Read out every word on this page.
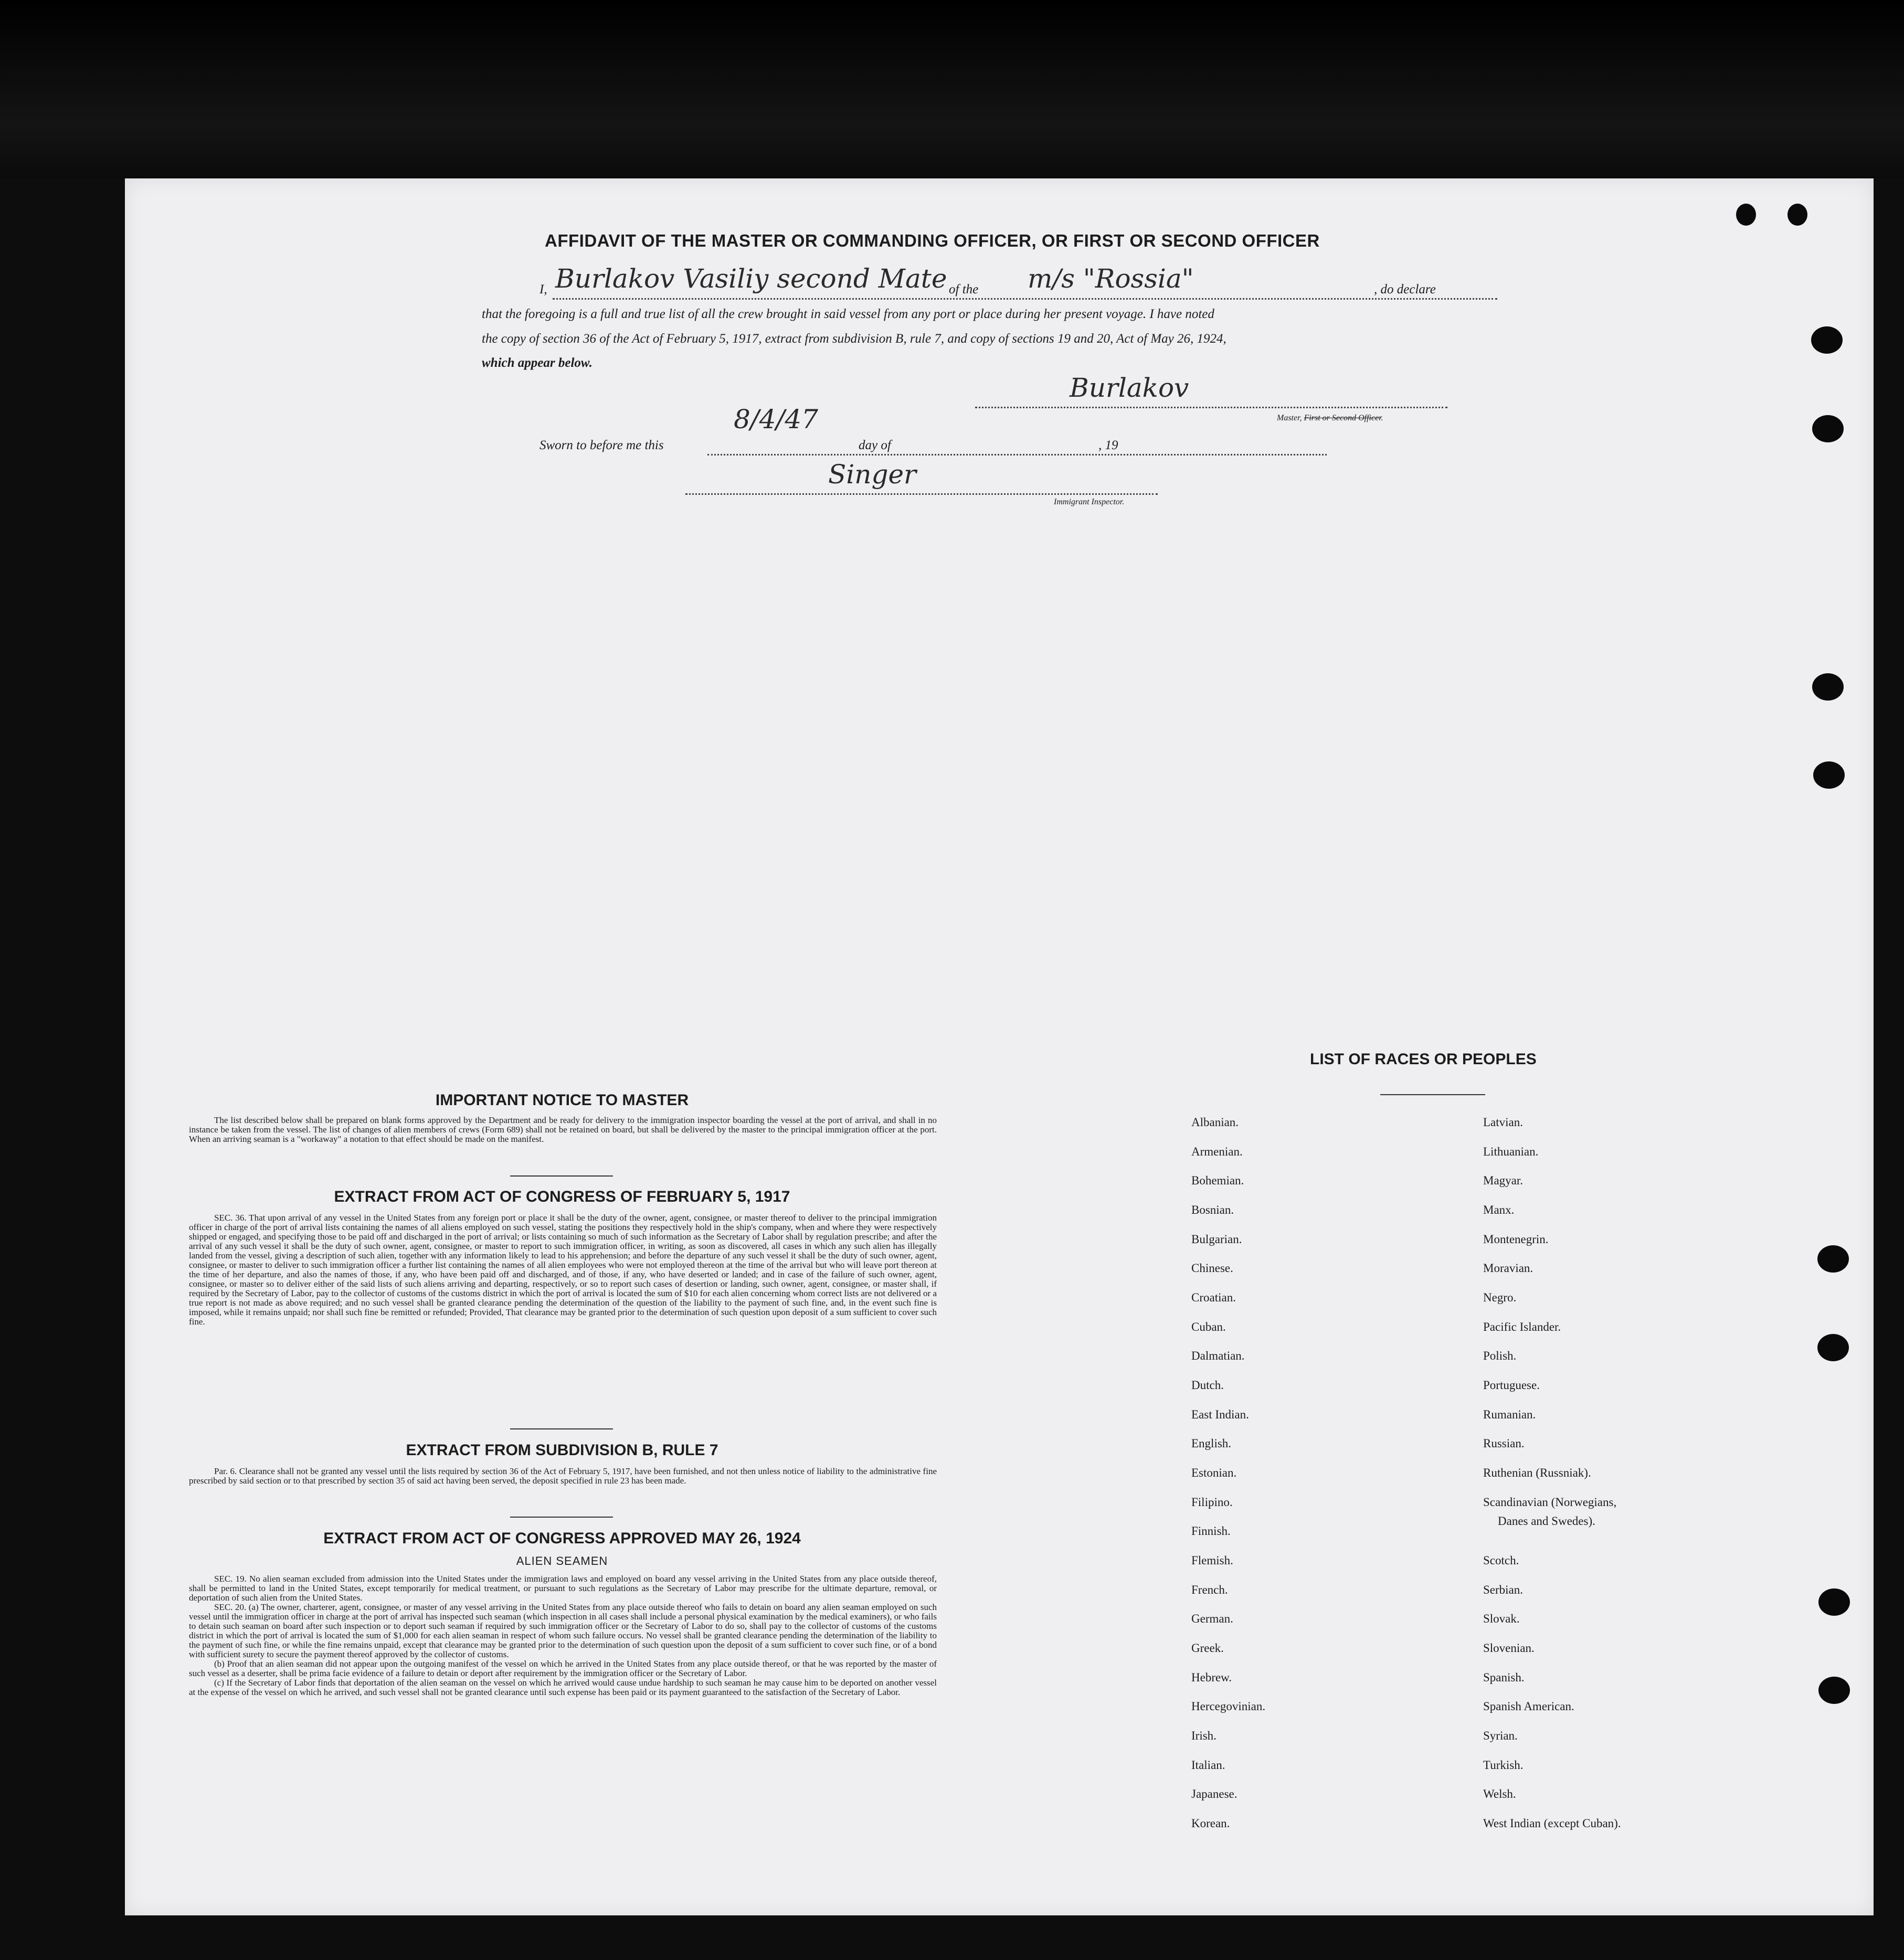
AFFIDAVIT OF THE MASTER OR COMMANDING OFFICER, OR FIRST OR SECOND OFFICER
I, Burlakov Vasiliy second Mate of the m/s "Rossia"	, do declare
that the foregoing is a full and true list of all the crew brought in said vessel from any port or place during her present voyage. I have noted
the copy of section 36 of the Act of February 5, 1917, extract from subdivision B, rule 7, and copy of sections 19 and 20, Act of May 26, 1924,
which appear below.
Burlakov
Master, First or Second Officer.
Sworn to before me this
8/4/47
day of	, 19
Singer
Immigrant Inspector.
IMPORTANT NOTICE TO MASTER

The list described below shall be prepared on blank forms approved by the Department and be ready for delivery to the immigration inspector boarding the vessel at the port of arrival, and shall in no instance be taken from the vessel. The list of changes of alien members of crews (Form 689) shall not be retained on board, but shall be delivered by the master to the principal immigration officer at the port. When an arriving seaman is a "workaway" a notation to that effect should be made on the manifest.

EXTRACT FROM ACT OF CONGRESS OF FEBRUARY 5, 1917

SEC. 36. That upon arrival of any vessel in the United States from any foreign port or place it shall be the duty of the owner, agent, consignee, or master thereof to deliver to the principal immigration officer in charge of the port of arrival lists containing the names of all aliens employed on such vessel, stating the positions they respectively hold in the ship's company, when and where they were respectively shipped or engaged, and specifying those to be paid off and discharged in the port of arrival; or lists containing so much of such information as the Secretary of Labor shall by regulation prescribe; and after the arrival of any such vessel it shall be the duty of such owner, agent, consignee, or master to report to such immigration officer, in writing, as soon as discovered, all cases in which any such alien has illegally landed from the vessel, giving a description of such alien, together with any information likely to lead to his apprehension; and before the departure of any such vessel it shall be the duty of such owner, agent, consignee, or master to deliver to such immigration officer a further list containing the names of all alien employees who were not employed thereon at the time of the arrival but who will leave port thereon at the time of her departure, and also the names of those, if any, who have been paid off and discharged, and of those, if any, who have deserted or landed; and in case of the failure of such owner, agent, consignee, or master so to deliver either of the said lists of such aliens arriving and departing, respectively, or so to report such cases of desertion or landing, such owner, agent, consignee, or master shall, if required by the Secretary of Labor, pay to the collector of customs of the customs district in which the port of arrival is located the sum of $10 for each alien concerning whom correct lists are not delivered or a true report is not made as above required; and no such vessel shall be granted clearance pending the determination of the question of the liability to the payment of such fine, and, in the event such fine is imposed, while it remains unpaid; nor shall such fine be remitted or refunded; Provided, That clearance may be granted prior to the determination of such question upon deposit of a sum sufficient to cover such fine.

EXTRACT FROM SUBDIVISION B, RULE 7

Par. 6. Clearance shall not be granted any vessel until the lists required by section 36 of the Act of February 5, 1917, have been furnished, and not then unless notice of liability to the administrative fine prescribed by said section or to that prescribed by section 35 of said act having been served, the deposit specified in rule 23 has been made.

EXTRACT FROM ACT OF CONGRESS APPROVED MAY 26, 1924
ALIEN SEAMEN

SEC. 19. No alien seaman excluded from admission into the United States under the immigration laws and employed on board any vessel arriving in the United States from any place outside thereof, shall be permitted to land in the United States, except temporarily for medical treatment, or pursuant to such regulations as the Secretary of Labor may prescribe for the ultimate departure, removal, or deportation of such alien from the United States.

SEC. 20. (a) The owner, charterer, agent, consignee, or master of any vessel arriving in the United States from any place outside thereof who fails to detain on board any alien seaman employed on such vessel until the immigration officer in charge at the port of arrival has inspected such seaman (which inspection in all cases shall include a personal physical examination by the medical examiners), or who fails to detain such seaman on board after such inspection or to deport such seaman if required by such immigration officer or the Secretary of Labor to do so, shall pay to the collector of customs of the customs district in which the port of arrival is located the sum of $1,000 for each alien seaman in respect of whom such failure occurs. No vessel shall be granted clearance pending the determination of the liability to the payment of such fine, or while the fine remains unpaid, except that clearance may be granted prior to the determination of such question upon the deposit of a sum sufficient to cover such fine, or of a bond with sufficient surety to secure the payment thereof approved by the collector of customs.

(b) Proof that an alien seaman did not appear upon the outgoing manifest of the vessel on which he arrived in the United States from any place outside thereof, or that he was reported by the master of such vessel as a deserter, shall be prima facie evidence of a failure to detain or deport after requirement by the immigration officer or the Secretary of Labor.

(c) If the Secretary of Labor finds that deportation of the alien seaman on the vessel on which he arrived would cause undue hardship to such seaman he may cause him to be deported on another vessel at the expense of the vessel on which he arrived, and such vessel shall not be granted clearance until such expense has been paid or its payment guaranteed to the satisfaction of the Secretary of Labor.

LIST OF RACES OR PEOPLES
Albanian.
Armenian.
Bohemian.
Bosnian.
Bulgarian.
Chinese.
Croatian.
Cuban.
Dalmatian.
Dutch.
East Indian.
English.
Estonian.
Filipino.
Finnish.
Flemish.
French.
German.
Greek.
Hebrew.
Hercegovinian.
Irish.
Italian.
Japanese.
Korean.
Latvian.
Lithuanian.
Magyar.
Manx.
Montenegrin.
Moravian.
Negro.
Pacific Islander.
Polish.
Portuguese.
Rumanian.
Russian.
Ruthenian (Russniak).
Scandinavian (Norwegians,
Danes and Swedes).
Scotch.
Serbian.
Slovak.
Slovenian.
Spanish.
Spanish American.
Syrian.
Turkish.
Welsh.
West Indian (except Cuban).
